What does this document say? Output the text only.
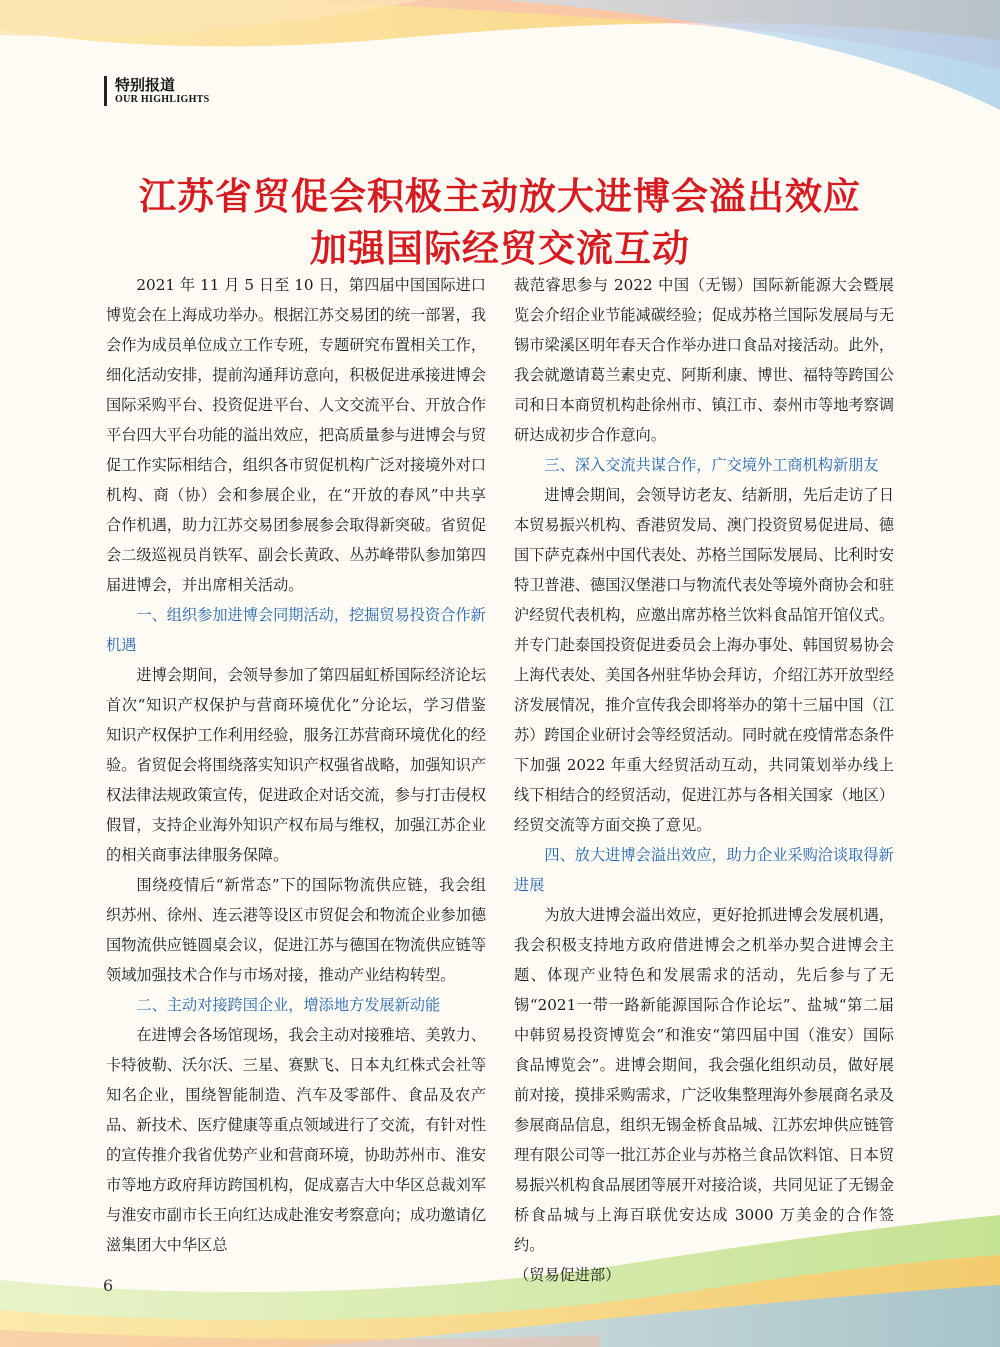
特别报道
OUR HIGHLIGHTS
江苏省贸促会积极主动放大进博会溢出效应
加强国际经贸交流互动

2021 年 11 月 5 日至 10 日，第四届中国国际进口博览会在上海成功举办。根据江苏交易团的统一部署，我会作为成员单位成立工作专班，专题研究布置相关工作，细化活动安排，提前沟通拜访意向，积极促进承接进博会国际采购平台、投资促进平台、人文交流平台、开放合作平台四大平台功能的溢出效应，把高质量参与进博会与贸促工作实际相结合，组织各市贸促机构广泛对接境外对口机构、商（协）会和参展企业，在“开放的春风”中共享合作机遇，助力江苏交易团参展参会取得新突破。省贸促会二级巡视员肖铁军、副会长黄政、丛苏峰带队参加第四届进博会，并出席相关活动。

一、组织参加进博会同期活动，挖掘贸易投资合作新机遇

进博会期间，会领导参加了第四届虹桥国际经济论坛首次“知识产权保护与营商环境优化”分论坛，学习借鉴知识产权保护工作利用经验，服务江苏营商环境优化的经验。省贸促会将围绕落实知识产权强省战略，加强知识产权法律法规政策宣传，促进政企对话交流，参与打击侵权假冒，支持企业海外知识产权布局与维权，加强江苏企业的相关商事法律服务保障。

围绕疫情后“新常态”下的国际物流供应链，我会组织苏州、徐州、连云港等设区市贸促会和物流企业参加德国物流供应链圆桌会议，促进江苏与德国在物流供应链等领域加强技术合作与市场对接，推动产业结构转型。

二、主动对接跨国企业，增添地方发展新动能

在进博会各场馆现场，我会主动对接雅培、美敦力、卡特彼勒、沃尔沃、三星、赛默飞、日本丸红株式会社等知名企业，围绕智能制造、汽车及零部件、食品及农产品、新技术、医疗健康等重点领域进行了交流，有针对性的宣传推介我省优势产业和营商环境，协助苏州市、淮安市等地方政府拜访跨国机构，促成嘉吉大中华区总裁刘军与淮安市副市长王向红达成赴淮安考察意向；成功邀请亿滋集团大中华区总

裁范睿思参与 2022 中国（无锡）国际新能源大会暨展览会介绍企业节能减碳经验；促成苏格兰国际发展局与无锡市梁溪区明年春天合作举办进口食品对接活动。此外，我会就邀请葛兰素史克、阿斯利康、博世、福特等跨国公司和日本商贸机构赴徐州市、镇江市、泰州市等地考察调研达成初步合作意向。

三、深入交流共谋合作，广交境外工商机构新朋友

进博会期间，会领导访老友、结新朋，先后走访了日本贸易振兴机构、香港贸发局、澳门投资贸易促进局、德国下萨克森州中国代表处、苏格兰国际发展局、比利时安特卫普港、德国汉堡港口与物流代表处等境外商协会和驻沪经贸代表机构，应邀出席苏格兰饮料食品馆开馆仪式。并专门赴泰国投资促进委员会上海办事处、韩国贸易协会上海代表处、美国各州驻华协会拜访，介绍江苏开放型经济发展情况，推介宣传我会即将举办的第十三届中国（江苏）跨国企业研讨会等经贸活动。同时就在疫情常态条件下加强 2022 年重大经贸活动互动，共同策划举办线上线下相结合的经贸活动，促进江苏与各相关国家（地区）经贸交流等方面交换了意见。

四、放大进博会溢出效应，助力企业采购洽谈取得新进展

为放大进博会溢出效应，更好抢抓进博会发展机遇，我会积极支持地方政府借进博会之机举办契合进博会主题、体现产业特色和发展需求的活动，先后参与了无锡“2021一带一路新能源国际合作论坛”、盐城“第二届中韩贸易投资博览会”和淮安“第四届中国（淮安）国际食品博览会”。进博会期间，我会强化组织动员，做好展前对接，摸排采购需求，广泛收集整理海外参展商名录及参展商品信息，组织无锡金桥食品城、江苏宏坤供应链管理有限公司等一批江苏企业与苏格兰食品饮料馆、日本贸易振兴机构食品展团等展开对接洽谈，共同见证了无锡金桥食品城与上海百联优安达成 3000 万美金的合作签约。

（贸易促进部）

6
